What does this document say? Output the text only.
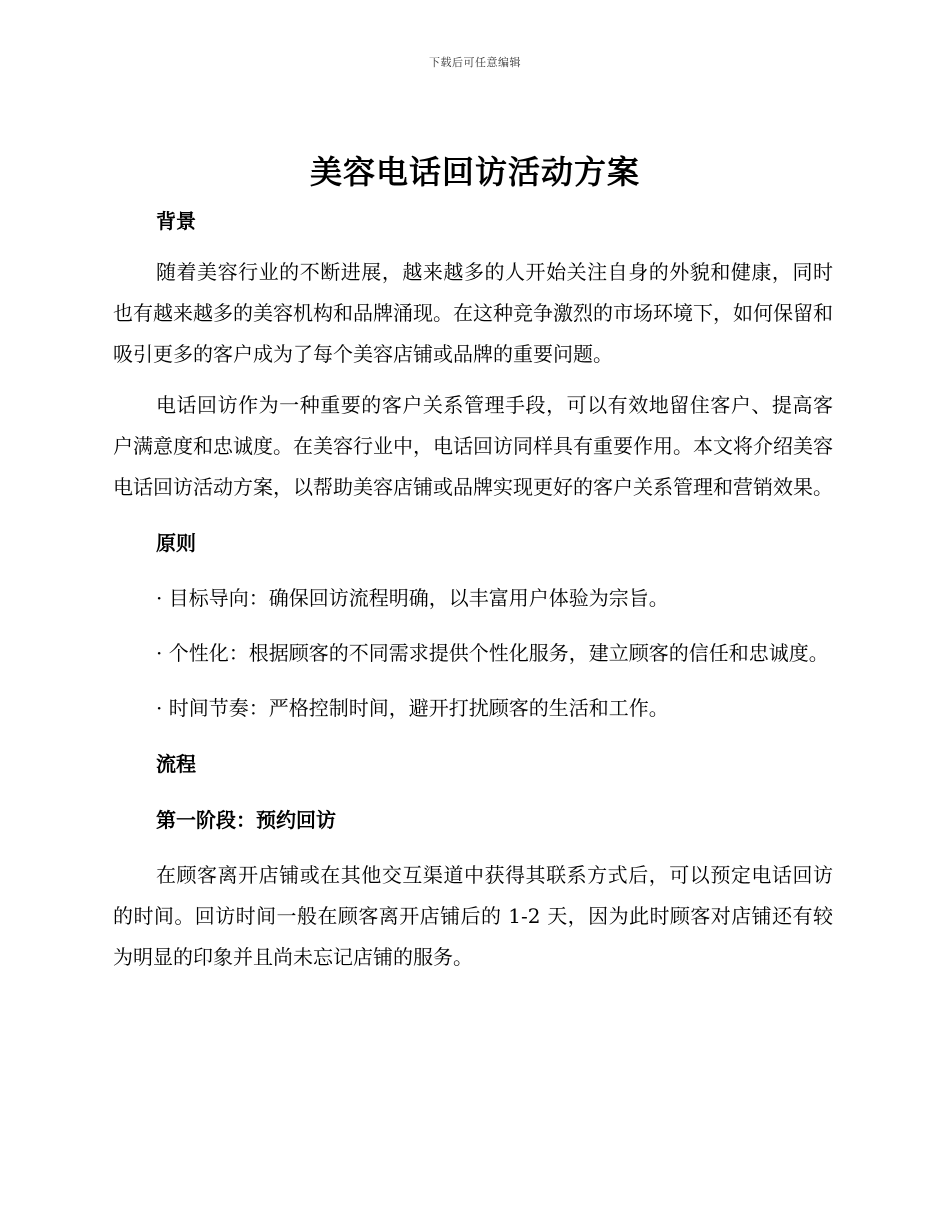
下载后可任意编辑
美容电话回访活动方案
背景

随着美容行业的不断进展，越来越多的人开始关注自身的外貌和健康，同时也有越来越多的美容机构和品牌涌现。在这种竞争激烈的市场环境下，如何保留和吸引更多的客户成为了每个美容店铺或品牌的重要问题。

电话回访作为一种重要的客户关系管理手段，可以有效地留住客户、提高客户满意度和忠诚度。在美容行业中，电话回访同样具有重要作用。本文将介绍美容电话回访活动方案，以帮助美容店铺或品牌实现更好的客户关系管理和营销效果。

原则

· 目标导向：确保回访流程明确，以丰富用户体验为宗旨。

· 个性化：根据顾客的不同需求提供个性化服务，建立顾客的信任和忠诚度。

· 时间节奏：严格控制时间，避开打扰顾客的生活和工作。

流程
第一阶段：预约回访

在顾客离开店铺或在其他交互渠道中获得其联系方式后，可以预定电话回访的时间。回访时间一般在顾客离开店铺后的 1-2 天，因为此时顾客对店铺还有较为明显的印象并且尚未忘记店铺的服务。
